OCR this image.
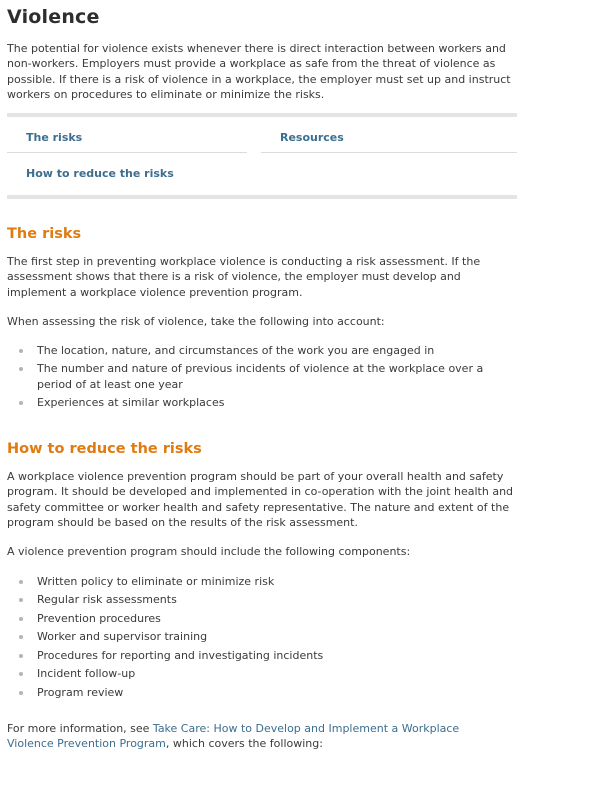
Violence

The potential for violence exists whenever there is direct interaction between workers and non-workers. Employers must provide a workplace as safe from the threat of violence as possible. If there is a risk of violence in a workplace, the employer must set up and instruct workers on procedures to eliminate or minimize the risks.

The risks	Resources
How to reduce the risks
The risks

The first step in preventing workplace violence is conducting a risk assessment. If the assessment shows that there is a risk of violence, the employer must develop and implement a workplace violence prevention program.

When assessing the risk of violence, take the following into account:

The location, nature, and circumstances of the work you are engaged in
The number and nature of previous incidents of violence at the workplace over a period of at least one year
Experiences at similar workplaces
How to reduce the risks

A workplace violence prevention program should be part of your overall health and safety program. It should be developed and implemented in co-operation with the joint health and safety committee or worker health and safety representative. The nature and extent of the program should be based on the results of the risk assessment.

A violence prevention program should include the following components:

Written policy to eliminate or minimize risk
Regular risk assessments
Prevention procedures
Worker and supervisor training
Procedures for reporting and investigating incidents
Incident follow-up
Program review

For more information, see Take Care: How to Develop and Implement a Workplace Violence Prevention Program, which covers the following:
